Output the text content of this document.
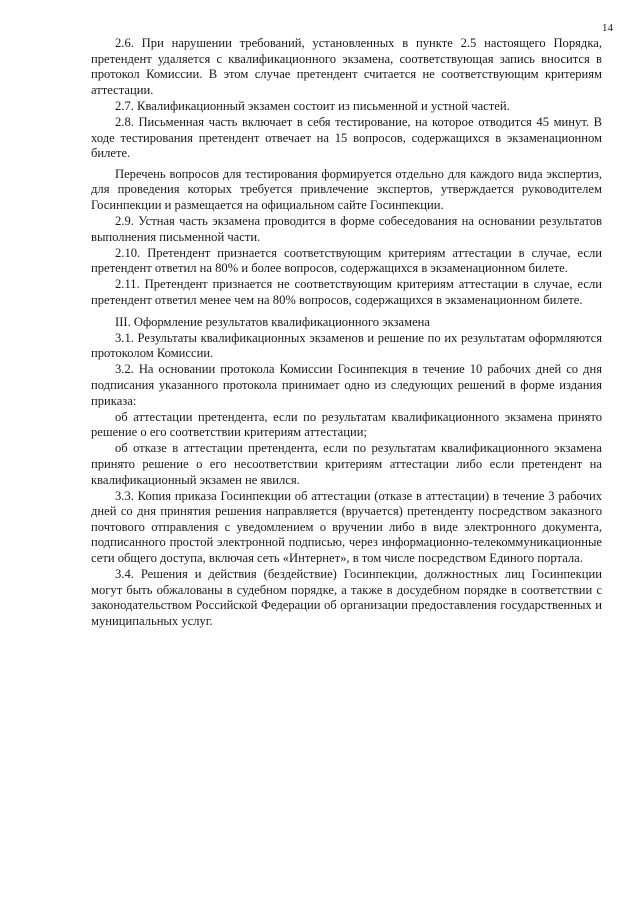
14

2.6. При нарушении требований, установленных в пункте 2.5 настоящего Порядка, претендент удаляется с квалификационного экзамена, соответствующая запись вносится в протокол Комиссии. В этом случае претендент считается не соответствующим критериям аттестации.

2.7. Квалификационный экзамен состоит из письменной и устной частей.

2.8. Письменная часть включает в себя тестирование, на которое отводится 45 минут. В ходе тестирования претендент отвечает на 15 вопросов, содержащихся в экзаменационном билете.

Перечень вопросов для тестирования формируется отдельно для каждого вида экспертиз, для проведения которых требуется привлечение экспертов, утверждается руководителем Госинпекции и размещается на официальном сайте Госинпекции.

2.9. Устная часть экзамена проводится в форме собеседования на основании результатов выполнения письменной части.

2.10. Претендент признается соответствующим критериям аттестации в случае, если претендент ответил на 80% и более вопросов, содержащихся в экзаменационном билете.

2.11. Претендент признается не соответствующим критериям аттестации в случае, если претендент ответил менее чем на 80% вопросов, содержащихся в экзаменационном билете.

III. Оформление результатов квалификационного экзамена

3.1. Результаты квалификационных экзаменов и решение по их результатам оформляются протоколом Комиссии.

3.2. На основании протокола Комиссии Госинпекция в течение 10 рабочих дней со дня подписания указанного протокола принимает одно из следующих решений в форме издания приказа:

об аттестации претендента, если по результатам квалификационного экзамена принято решение о его соответствии критериям аттестации;

об отказе в аттестации претендента, если по результатам квалификационного экзамена принято решение о его несоответствии критериям аттестации либо если претендент на квалификационный экзамен не явился.

3.3. Копия приказа Госинпекции об аттестации (отказе в аттестации) в течение 3 рабочих дней со дня принятия решения направляется (вручается) претенденту посредством заказного почтового отправления с уведомлением о вручении либо в виде электронного документа, подписанного простой электронной подписью, через информационно-телекоммуникационные сети общего доступа, включая сеть «Интернет», в том числе посредством Единого портала.

3.4. Решения и действия (бездействие) Госинпекции, должностных лиц Госинпекции могут быть обжалованы в судебном порядке, а также в досудебном порядке в соответствии с законодательством Российской Федерации об организации предоставления государственных и муниципальных услуг.
